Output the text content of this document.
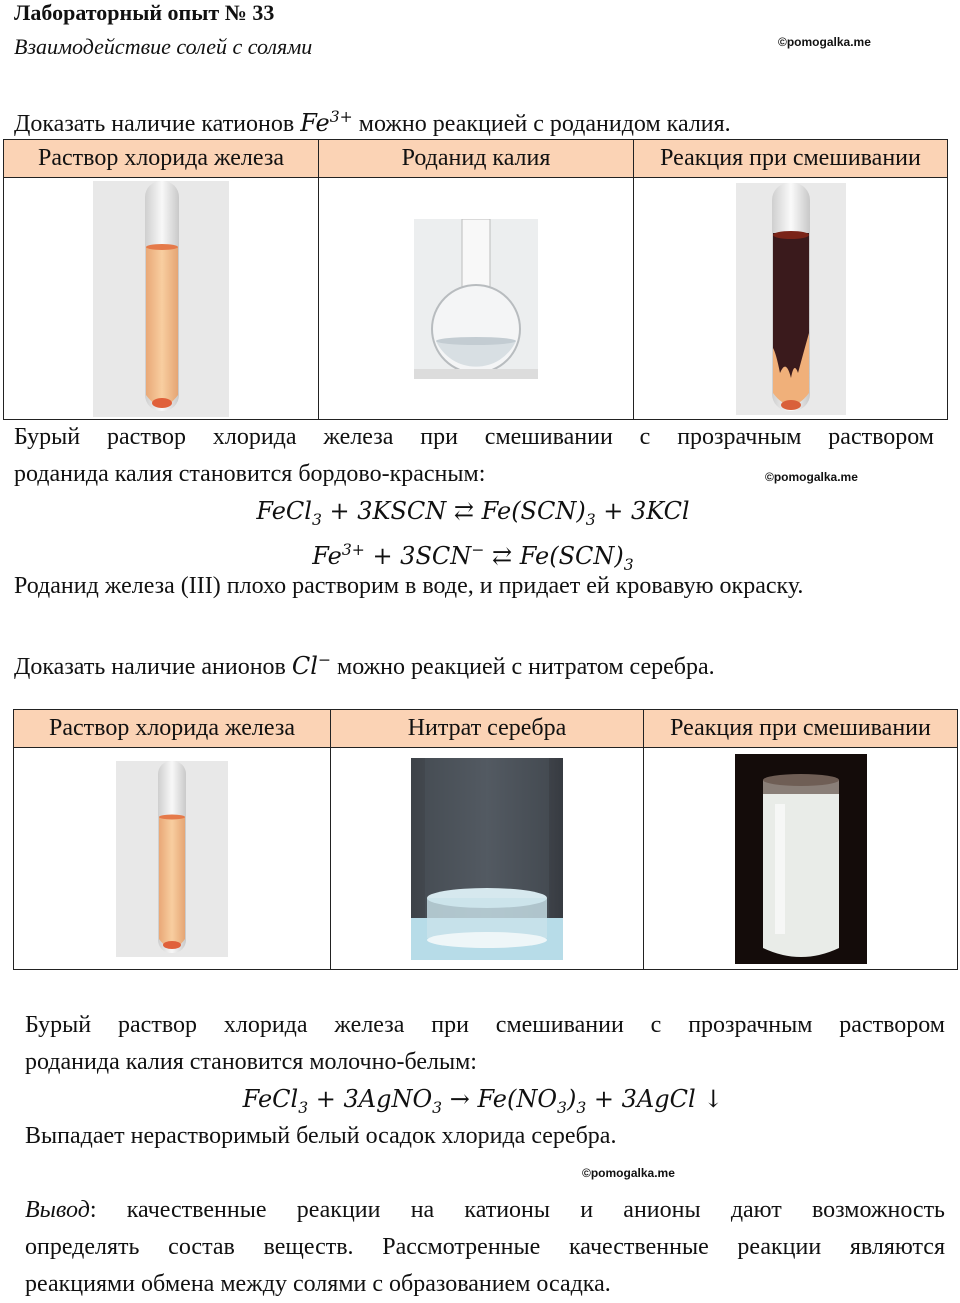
Лабораторный опыт № 33
Взаимодействие солей с солями	©pomogalka.me
Доказать наличие катионов $Fe^{3+}$ можно реакцией с роданидом калия.
Раствор хлорида железа	Роданид калия	Реакция при смешивании

Бурый раствор хлорида железа при смешивании с прозрачным раствором
роданида калия становится бордово-красным:	©pomogalka.me
FeCl$_3$ + 3KSCN ⇄ $Fe(SCN)_3 + 3KCl$
$Fe^{3+} + 3SCN^-$ ⇄ $Fe(SCN)_3$
Роданид железа (III) плохо растворим в воде, и придает ей кровавую окраску.
Доказать наличие анионов Cl− можно реакцией с нитратом серебра.
Раствор хлорида железа	Нитрат серебра	Реакция при смешивании

Бурый раствор хлорида железа при смешивании с прозрачным раствором
роданида калия становится молочно-белым:
FeCl$_3$ + 3AgNO$_3$ → $Fe(NO_3)_3$ + 3AgCl ↓
Выпадает нерастворимый белый осадок хлорида серебра.
©pomogalka.me
Вывод: качественные реакции на катионы и анионы дают возможность
определять состав веществ. Рассмотренные качественные реакции являются
реакциями обмена между солями с образованием осадка.
